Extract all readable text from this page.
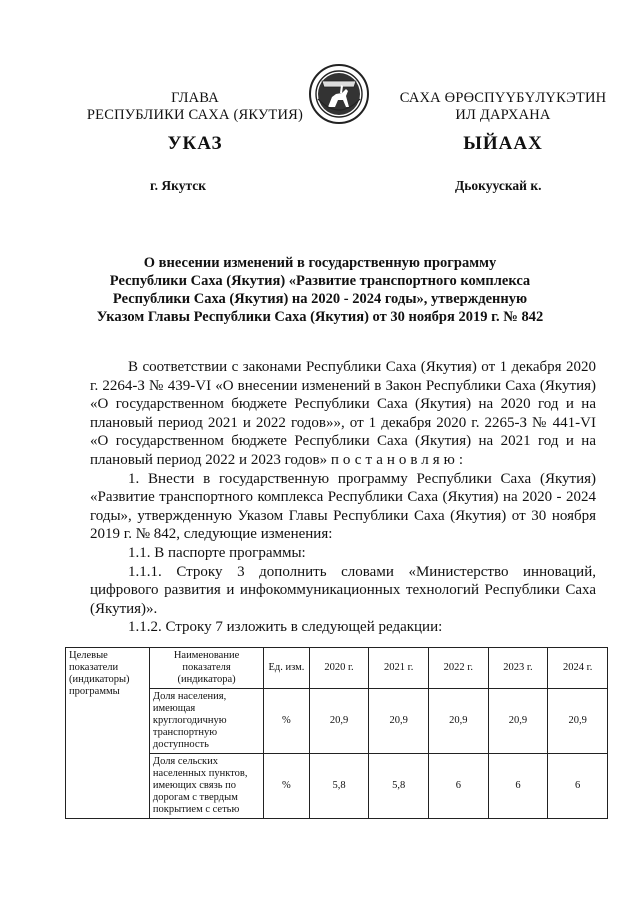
ГЛАВА
РЕСПУБЛИКИ САХА (ЯКУТИЯ)
САХА ӨРӨСПҮҮБҮЛҮКЭТИН
ИЛ ДАРХАНА
УКАЗ	ЫЙААХ
г. Якутск	Дьокуускай к.
О внесении изменений в государственную программу
Республики Саха (Якутия) «Развитие транспортного комплекса
Республики Саха (Якутия) на 2020 - 2024 годы», утвержденную
Указом Главы Республики Саха (Якутия) от 30 ноября 2019 г. № 842

В соответствии с законами Республики Саха (Якутия) от 1 декабря 2020 г. 2264-З № 439-VI «О внесении изменений в Закон Республики Саха (Якутия) «О государственном бюджете Республики Саха (Якутия) на 2020 год и на плановый период 2021 и 2022 годов»», от 1 декабря 2020 г. 2265-З № 441-VI «О государственном бюджете Республики Саха (Якутия) на 2021 год и на плановый период 2022 и 2023 годов» постановляю:

1. Внести в государственную программу Республики Саха (Якутия) «Развитие транспортного комплекса Республики Саха (Якутия) на 2020 - 2024 годы», утвержденную Указом Главы Республики Саха (Якутия) от 30 ноября 2019 г. № 842, следующие изменения:

1.1. В паспорте программы:

1.1.1. Строку 3 дополнить словами «Министерство инноваций, цифрового развития и инфокоммуникационных технологий Республики Саха (Якутия)».

1.1.2. Строку 7 изложить в следующей редакции:

Целевые показатели (индикаторы) программы	Наименование показателя (индикатора)	Ед. изм.	2020 г.	2021 г.	2022 г.	2023 г.	2024 г.
	Доля населения, имеющая круглогодичную транспортную доступность	%	20,9	20,9	20,9	20,9	20,9
	Доля сельских населенных пунктов, имеющих связь по дорогам с твердым покрытием с сетью	%	5,8	5,8	6	6	6
